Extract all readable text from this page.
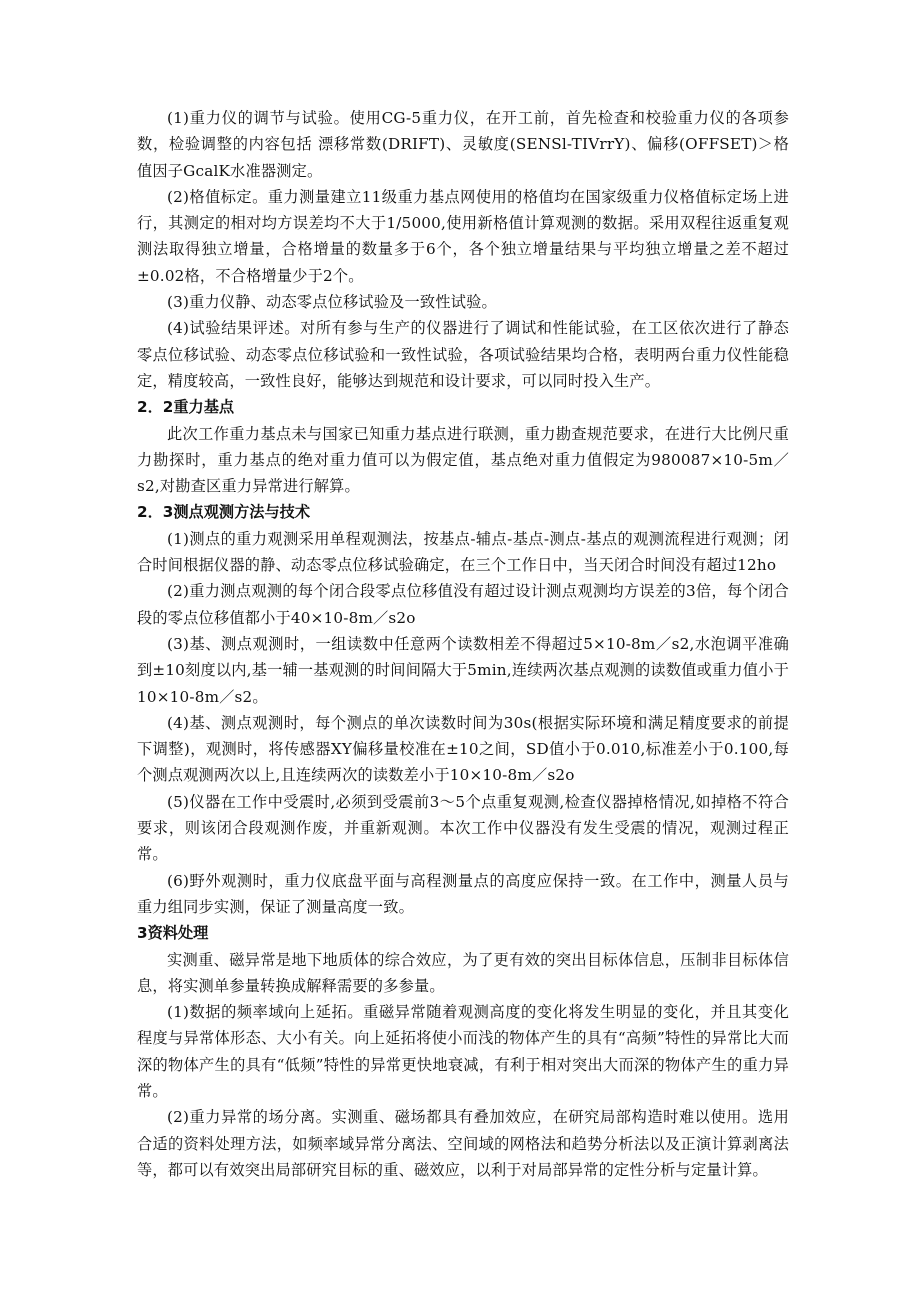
(1)重力仪的调节与试验。使用CG-5重力仪，在开工前，首先检查和校验重力仪的各项参数，检验调整的内容包括 漂移常数(DRIFT)、灵敏度(SENSl-TIVrrY)、偏移(OFFSET)＞格值因子GcalK水准器测定。

(2)格值标定。重力测量建立11级重力基点网使用的格值均在国家级重力仪格值标定场上进行，其测定的相对均方误差均不大于1/5000,使用新格值计算观测的数据。采用双程往返重复观测法取得独立增量，合格增量的数量多于6个，各个独立增量结果与平均独立增量之差不超过±0.02格，不合格增量少于2个。

(3)重力仪静、动态零点位移试验及一致性试验。

(4)试验结果评述。对所有参与生产的仪器进行了调试和性能试验，在工区依次进行了静态零点位移试验、动态零点位移试验和一致性试验，各项试验结果均合格，表明两台重力仪性能稳定，精度较高，一致性良好，能够达到规范和设计要求，可以同时投入生产。

2．2重力基点

此次工作重力基点未与国家已知重力基点进行联测，重力勘查规范要求，在进行大比例尺重力勘探时，重力基点的绝对重力值可以为假定值，基点绝对重力值假定为980087×10-5m／s2,对勘查区重力异常进行解算。

2．3测点观测方法与技术

(1)测点的重力观测采用单程观测法，按基点-辅点-基点-测点-基点的观测流程进行观测；闭合时间根据仪器的静、动态零点位移试验确定，在三个工作日中，当天闭合时间没有超过12ho

(2)重力测点观测的每个闭合段零点位移值没有超过设计测点观测均方误差的3倍，每个闭合段的零点位移值都小于40×10-8m／s2o

(3)基、测点观测时，一组读数中任意两个读数相差不得超过5×10-8m／s2,水泡调平准确到±10刻度以内,基一辅一基观测的时间间隔大于5min,连续两次基点观测的读数值或重力值小于10×10-8m／s2。

(4)基、测点观测时，每个测点的单次读数时间为30s(根据实际环境和满足精度要求的前提下调整)，观测时，将传感器XY偏移量校准在±10之间，SD值小于0.010,标准差小于0.100,每个测点观测两次以上,且连续两次的读数差小于10×10-8m／s2o

(5)仪器在工作中受震时,必须到受震前3～5个点重复观测,检查仪器掉格情况,如掉格不符合要求，则该闭合段观测作废，并重新观测。本次工作中仪器没有发生受震的情况，观测过程正常。

(6)野外观测时，重力仪底盘平面与高程测量点的高度应保持一致。在工作中，测量人员与重力组同步实测，保证了测量高度一致。

3资料处理

实测重、磁异常是地下地质体的综合效应，为了更有效的突出目标体信息，压制非目标体信息，将实测单参量转换成解释需要的多参量。

(1)数据的频率域向上延拓。重磁异常随着观测高度的变化将发生明显的变化，并且其变化程度与异常体形态、大小有关。向上延拓将使小而浅的物体产生的具有“高频”特性的异常比大而深的物体产生的具有“低频”特性的异常更快地衰减，有利于相对突出大而深的物体产生的重力异常。

(2)重力异常的场分离。实测重、磁场都具有叠加效应，在研究局部构造时难以使用。选用合适的资料处理方法，如频率域异常分离法、空间域的网格法和趋势分析法以及正演计算剥离法等，都可以有效突出局部研究目标的重、磁效应，以利于对局部异常的定性分析与定量计算。
